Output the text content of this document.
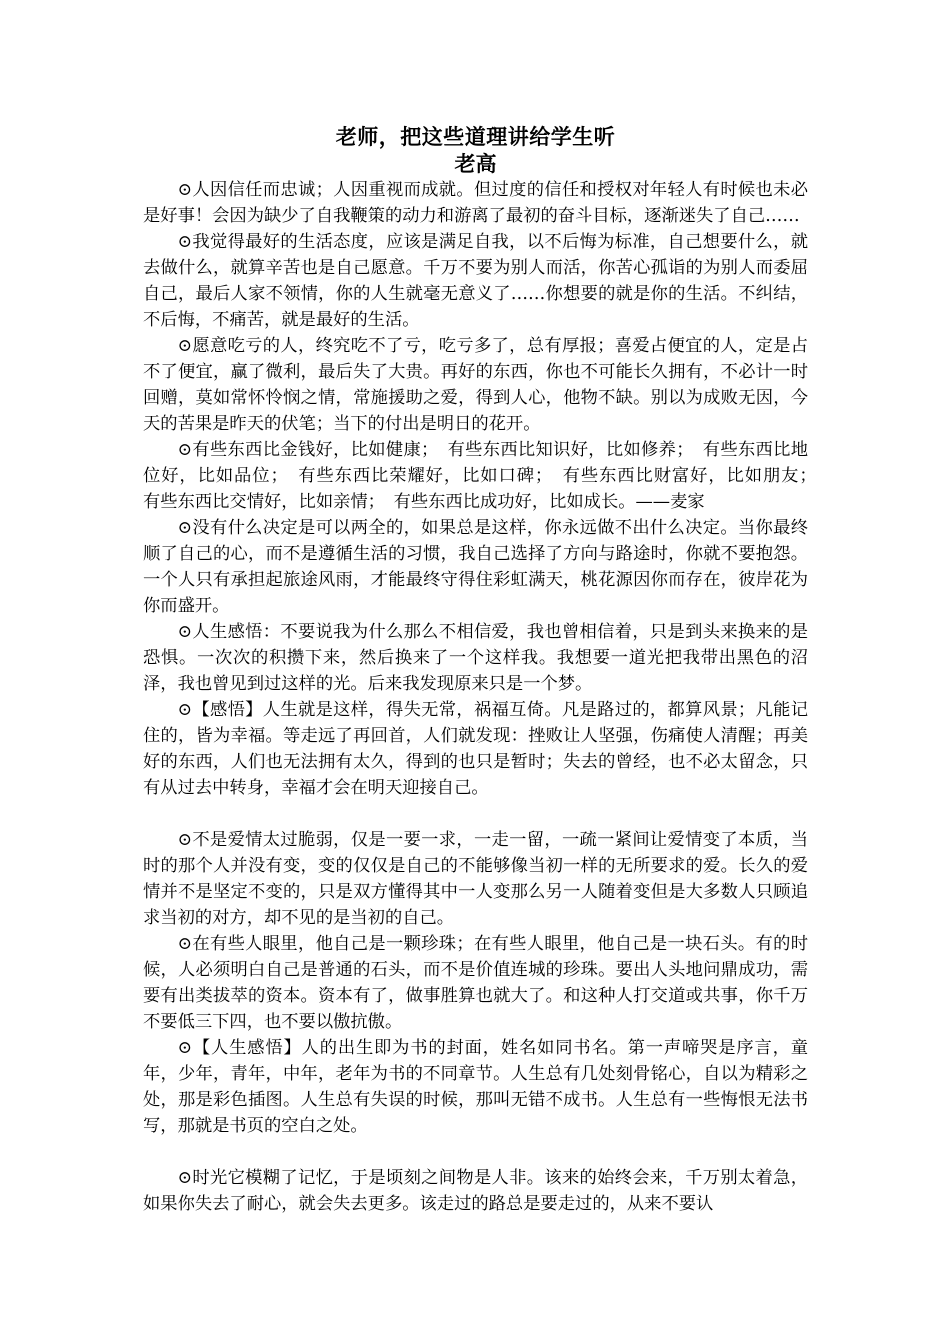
老师，把这些道理讲给学生听
老高

⊙人因信任而忠诚；人因重视而成就。但过度的信任和授权对年轻人有时候也未必是好事！会因为缺少了自我鞭策的动力和游离了最初的奋斗目标，逐渐迷失了自己……

⊙我觉得最好的生活态度，应该是满足自我，以不后悔为标准，自己想要什么，就去做什么，就算辛苦也是自己愿意。千万不要为别人而活，你苦心孤诣的为别人而委屈自己，最后人家不领情，你的人生就毫无意义了……你想要的就是你的生活。不纠结，不后悔，不痛苦，就是最好的生活。

⊙愿意吃亏的人，终究吃不了亏，吃亏多了，总有厚报；喜爱占便宜的人，定是占不了便宜，赢了微利，最后失了大贵。再好的东西，你也不可能长久拥有，不必计一时回赠，莫如常怀怜悯之情，常施援助之爱，得到人心，他物不缺。别以为成败无因，今天的苦果是昨天的伏笔；当下的付出是明日的花开。

⊙有些东西比金钱好，比如健康；　有些东西比知识好，比如修养；　有些东西比地位好，比如品位；　有些东西比荣耀好，比如口碑；　有些东西比财富好，比如朋友；　有些东西比交情好，比如亲情；　有些东西比成功好，比如成长。——麦家

⊙没有什么决定是可以两全的，如果总是这样，你永远做不出什么决定。当你最终顺了自己的心，而不是遵循生活的习惯，我自己选择了方向与路途时，你就不要抱怨。一个人只有承担起旅途风雨，才能最终守得住彩虹满天，桃花源因你而存在，彼岸花为你而盛开。

⊙人生感悟：不要说我为什么那么不相信爱，我也曾相信着，只是到头来换来的是恐惧。一次次的积攒下来，然后换来了一个这样我。我想要一道光把我带出黑色的沼泽，我也曾见到过这样的光。后来我发现原来只是一个梦。

⊙【感悟】人生就是这样，得失无常，祸福互倚。凡是路过的，都算风景；凡能记住的，皆为幸福。等走远了再回首，人们就发现：挫败让人坚强，伤痛使人清醒；再美好的东西，人们也无法拥有太久，得到的也只是暂时；失去的曾经，也不必太留念，只有从过去中转身，幸福才会在明天迎接自己。

⊙不是爱情太过脆弱，仅是一要一求，一走一留，一疏一紧间让爱情变了本质，当时的那个人并没有变，变的仅仅是自己的不能够像当初一样的无所要求的爱。长久的爱情并不是坚定不变的，只是双方懂得其中一人变那么另一人随着变但是大多数人只顾追求当初的对方，却不见的是当初的自己。

⊙在有些人眼里，他自己是一颗珍珠；在有些人眼里，他自己是一块石头。有的时候，人必须明白自己是普通的石头，而不是价值连城的珍珠。要出人头地问鼎成功，需要有出类拔萃的资本。资本有了，做事胜算也就大了。和这种人打交道或共事，你千万不要低三下四，也不要以傲抗傲。

⊙【人生感悟】人的出生即为书的封面，姓名如同书名。第一声啼哭是序言，童年，少年，青年，中年，老年为书的不同章节。人生总有几处刻骨铭心，自以为精彩之处，那是彩色插图。人生总有失误的时候，那叫无错不成书。人生总有一些悔恨无法书写，那就是书页的空白之处。

⊙时光它模糊了记忆，于是顷刻之间物是人非。该来的始终会来，千万别太着急，如果你失去了耐心，就会失去更多。该走过的路总是要走过的，从来不要认
